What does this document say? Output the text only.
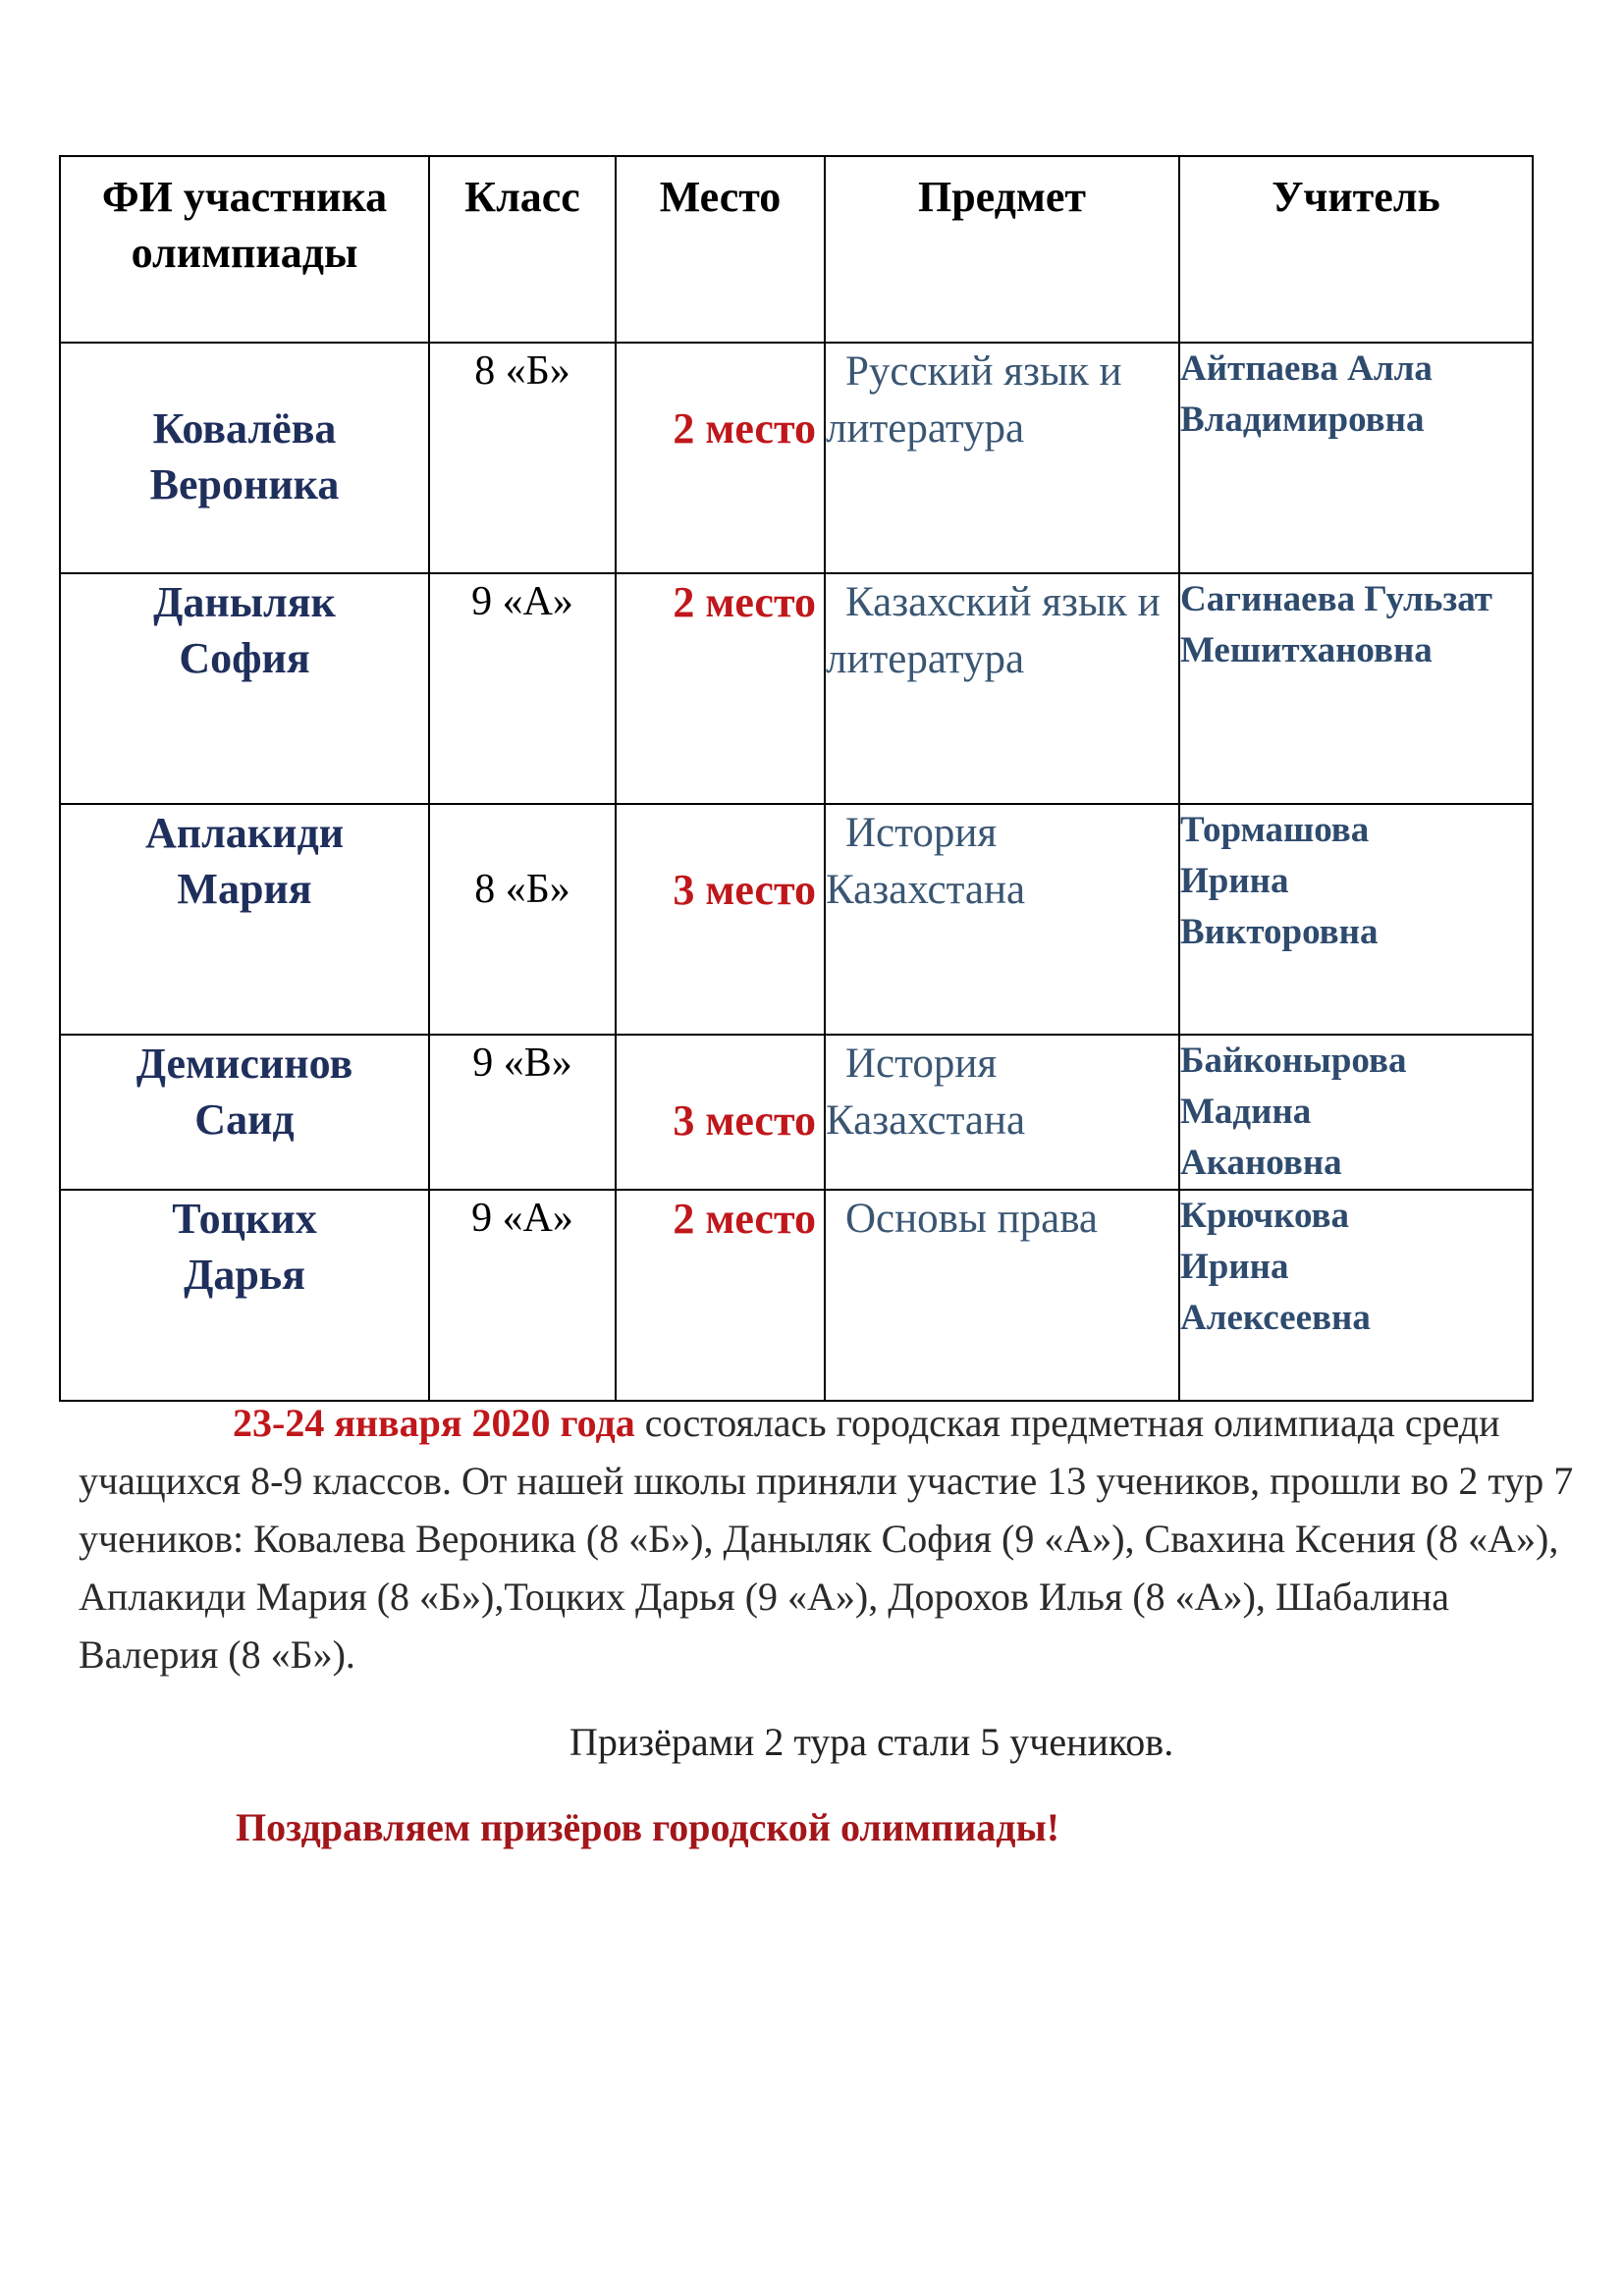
ФИ участника олимпиады	Класс	Место	Предмет	Учитель

Ковалёва Вероника	8 «Б»	2 место	Русский язык и литература	Айтпаева Алла Владимировна

Даныляк София	9 «А»	2 место	Казахский язык и литература	Сагинаева Гульзат Мешитхановна

Аплакиди Мария	8 «Б»	3 место	История Казахстана	Тормашова Ирина Викторовна

Демисинов Саид	9 «В»	3 место	История Казахстана	Байконырова Мадина Акановна

Тоцких Дарья	9 «А»	2 место	Основы права	Крючкова Ирина Алексеевна
23-24 января 2020 года состоялась городская предметная олимпиада среди учащихся 8-9 классов. От нашей школы приняли участие 13 учеников, прошли во 2 тур 7 учеников: Ковалева Вероника (8 «Б»), Даныляк София (9 «А»), Свахина Ксения (8 «А»), Аплакиди Мария (8 «Б»),Тоцких Дарья (9 «А»), Дорохов Илья (8 «А»), Шабалина Валерия (8 «Б»).
Призёрами 2 тура стали 5 учеников.
Поздравляем призёров городской олимпиады!
